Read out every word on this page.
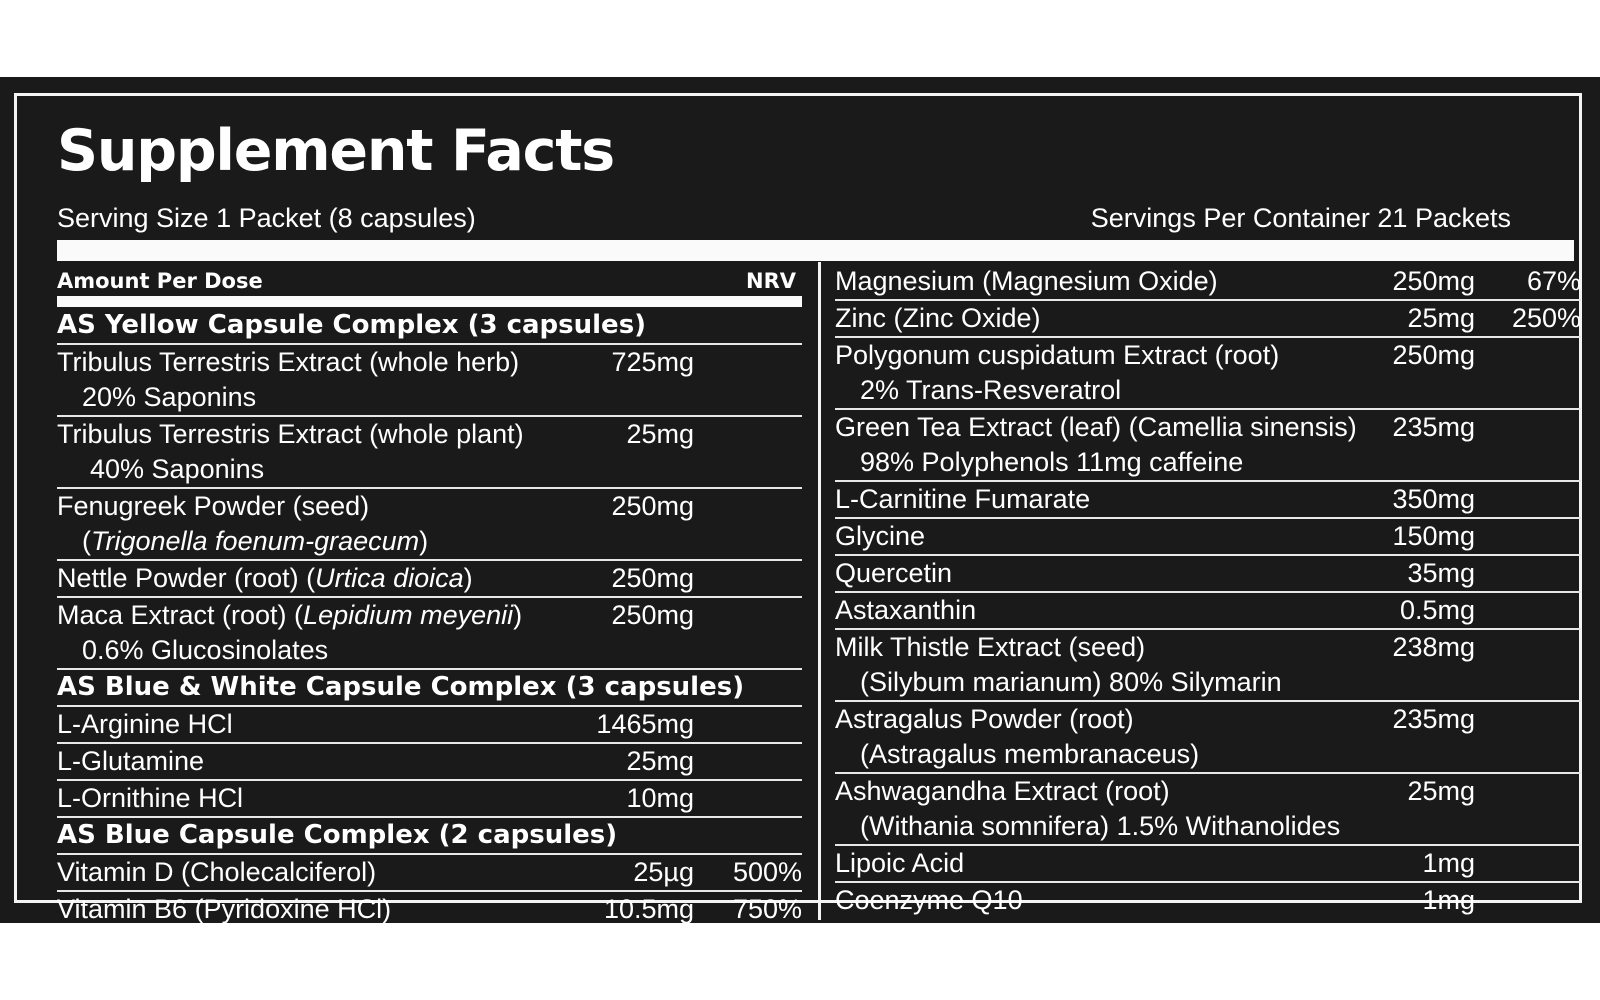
Supplement Facts
Serving Size 1 Packet (8 capsules)	Servings Per Container 21 Packets
Amount Per Dose	NRV
AS Yellow Capsule Complex (3 capsules)
Tribulus Terrestris Extract (whole herb)	725mg
20% Saponins
Tribulus Terrestris Extract (whole plant)	25mg
40% Saponins
Fenugreek Powder (seed)	250mg
(Trigonella foenum-graecum)
Nettle Powder (root) (Urtica dioica)	250mg
Maca Extract (root) (Lepidium meyenii)	250mg
0.6% Glucosinolates
AS Blue & White Capsule Complex (3 capsules)
L-Arginine HCl	1465mg
L-Glutamine	25mg
L-Ornithine HCl	10mg
AS Blue Capsule Complex (2 capsules)
Vitamin D (Cholecalciferol)	25µg 500%
Vitamin B6 (Pyridoxine HCl)	10.5mg 750%
Magnesium (Magnesium Oxide)	250mg 67%
Zinc (Zinc Oxide)	25mg 250%
Polygonum cuspidatum Extract (root)	250mg
2% Trans-Resveratrol
Green Tea Extract (leaf) (Camellia sinensis) 235mg
98% Polyphenols 11mg caffeine
L-Carnitine Fumarate	350mg
Glycine	150mg
Quercetin	35mg
Astaxanthin	0.5mg
Milk Thistle Extract (seed)	238mg
(Silybum marianum) 80% Silymarin
Astragalus Powder (root)	235mg
(Astragalus membranaceus)
Ashwagandha Extract (root)	25mg
(Withania somnifera) 1.5% Withanolides
Lipoic Acid	1mg
Coenzyme Q10	1mg
